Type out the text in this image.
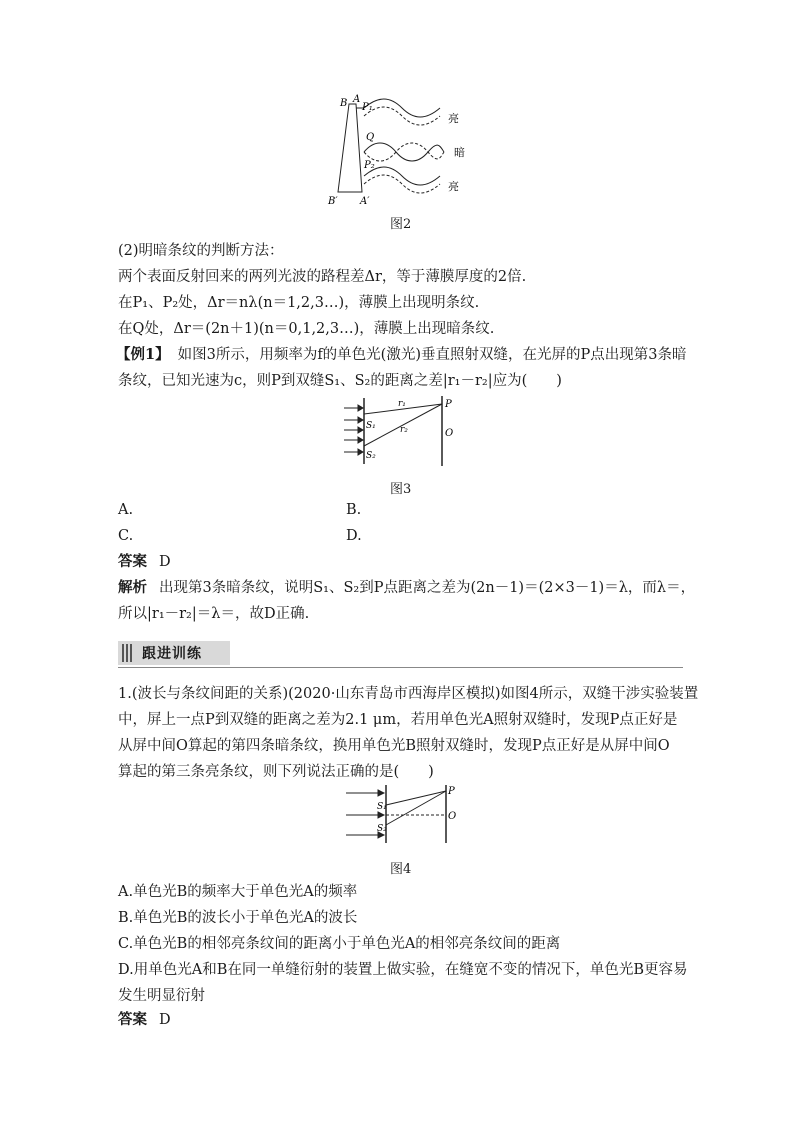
B A
P₁
Q
P₂
B′ A′
亮
暗
亮
图2
(2)明暗条纹的判断方法：
两个表面反射回来的两列光波的路程差Δr，等于薄膜厚度的2倍.
在P₁、P₂处，Δr＝nλ(n＝1,2,3…)，薄膜上出现明条纹.
在Q处，Δr＝(2n＋1)(n＝0,1,2,3…)，薄膜上出现暗条纹.
【例1】 如图3所示，用频率为f的单色光(激光)垂直照射双缝，在光屏的P点出现第3条暗
条纹，已知光速为c，则P到双缝S₁、S₂的距离之差|r₁－r₂|应为(　　)
S₁
S₂
r₁
r₂
P
O
图3
A.	B.
C.	D.
答案 D
解析 出现第3条暗条纹，说明S₁、S₂到P点距离之差为(2n－1)＝(2×3－1)＝λ，而λ＝，
所以|r₁－r₂|＝λ＝，故D正确.
跟进训练
1.(波长与条纹间距的关系)(2020·山东青岛市西海岸区模拟)如图4所示，双缝干涉实验装置
中，屏上一点P到双缝的距离之差为2.1 μm，若用单色光A照射双缝时，发现P点正好是
从屏中间O算起的第四条暗条纹，换用单色光B照射双缝时，发现P点正好是从屏中间O
算起的第三条亮条纹，则下列说法正确的是(　　)
S₁
S₂
P
O
图4
A.单色光B的频率大于单色光A的频率
B.单色光B的波长小于单色光A的波长
C.单色光B的相邻亮条纹间的距离小于单色光A的相邻亮条纹间的距离
D.用单色光A和B在同一单缝衍射的装置上做实验，在缝宽不变的情况下，单色光B更容易
发生明显衍射
答案 D
